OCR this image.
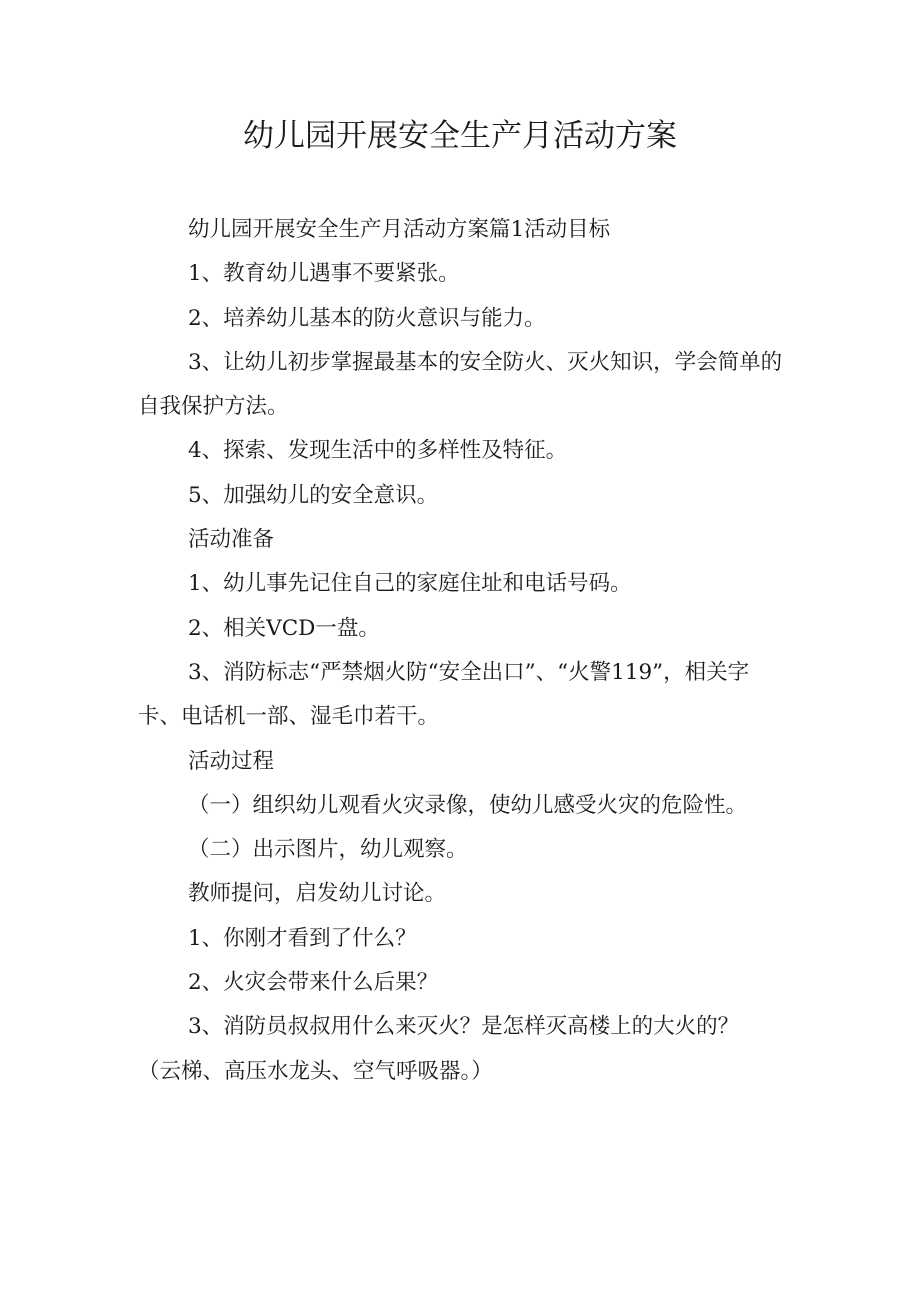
幼儿园开展安全生产月活动方案

幼儿园开展安全生产月活动方案篇1活动目标

1、教育幼儿遇事不要紧张。

2、培养幼儿基本的防火意识与能力。

3、让幼儿初步掌握最基本的安全防火、灭火知识，学会简单的自我保护方法。

4、探索、发现生活中的多样性及特征。

5、加强幼儿的安全意识。

活动准备

1、幼儿事先记住自己的家庭住址和电话号码。

2、相关VCD一盘。

3、消防标志“严禁烟火防“安全出口”、“火警119”，相关字卡、电话机一部、湿毛巾若干。

活动过程

（一）组织幼儿观看火灾录像，使幼儿感受火灾的危险性。

（二）出示图片，幼儿观察。

教师提问，启发幼儿讨论。

1、你刚才看到了什么？

2、火灾会带来什么后果？

3、消防员叔叔用什么来灭火？是怎样灭高楼上的大火的？

（云梯、高压水龙头、空气呼吸器。）
